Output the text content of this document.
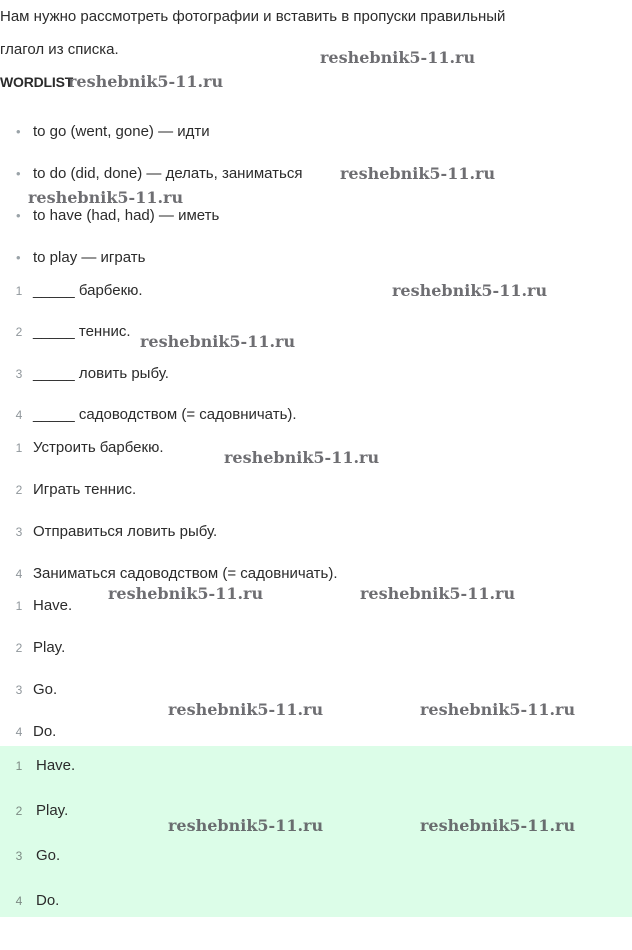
Нам нужно рассмотреть фотографии и вставить в пропуски правильный
глагол из списка.
WORDLIST
• to go (went, gone) — идти
• to do (did, done) — делать, заниматься
• to have (had, had) — иметь
• to play — играть
1 _____ барбекю.
2 _____ теннис.
3 _____ ловить рыбу.
4 _____ садоводством (= садовничать).
1 Устроить барбекю.
2 Играть теннис.
3 Отправиться ловить рыбу.
4 Заниматься садоводством (= садовничать).
1 Have.
2 Play.
3 Go.
4 Do.
1 Have.
2 Play.
3 Go.
4 Do.
reshebnik5-11.ru
reshebnik5-11.ru
reshebnik5-11.ru
reshebnik5-11.ru
reshebnik5-11.ru
reshebnik5-11.ru
reshebnik5-11.ru
reshebnik5-11.ru	reshebnik5-11.ru
reshebnik5-11.ru	reshebnik5-11.ru
reshebnik5-11.ru	reshebnik5-11.ru
